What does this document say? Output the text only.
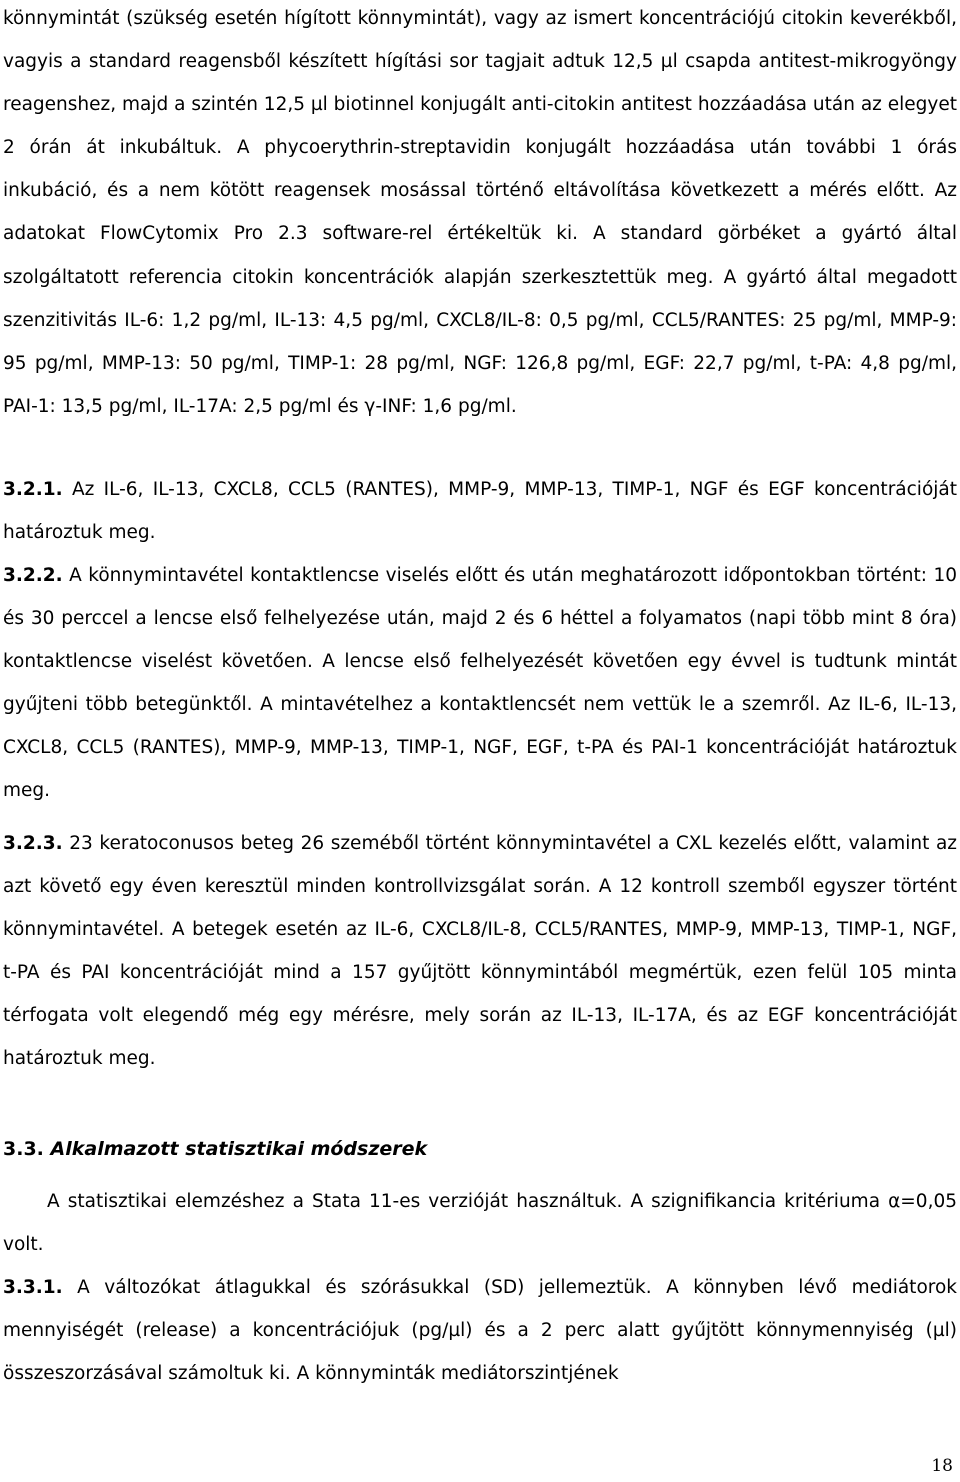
könnymintát (szükség esetén hígított könnymintát), vagy az ismert koncentrációjú citokin keverékből, vagyis a standard reagensből készített hígítási sor tagjait adtuk 12,5 µl csapda antitest-mikrogyöngy reagenshez, majd a szintén 12,5 µl biotinnel konjugált anti-citokin antitest hozzáadása után az elegyet 2 órán át inkubáltuk. A phycoerythrin-streptavidin konjugált hozzáadása után további 1 órás inkubáció, és a nem kötött reagensek mosással történő eltávolítása következett a mérés előtt. Az adatokat FlowCytomix Pro 2.3 software-rel értékeltük ki. A standard görbéket a gyártó által szolgáltatott referencia citokin koncentrációk alapján szerkesztettük meg. A gyártó által megadott szenzitivitás IL-6: 1,2 pg/ml, IL-13: 4,5 pg/ml, CXCL8/IL-8: 0,5 pg/ml, CCL5/RANTES: 25 pg/ml, MMP-9: 95 pg/ml, MMP-13: 50 pg/ml, TIMP-1: 28 pg/ml, NGF: 126,8 pg/ml, EGF: 22,7 pg/ml, t-PA: 4,8 pg/ml, PAI-1: 13,5 pg/ml, IL-17A: 2,5 pg/ml és γ-INF: 1,6 pg/ml.

3.2.1. Az IL-6, IL-13, CXCL8, CCL5 (RANTES), MMP-9, MMP-13, TIMP-1, NGF és EGF koncentrációját határoztuk meg.

3.2.2. A könnymintavétel kontaktlencse viselés előtt és után meghatározott időpontokban történt: 10 és 30 perccel a lencse első felhelyezése után, majd 2 és 6 héttel a folyamatos (napi több mint 8 óra) kontaktlencse viselést követően. A lencse első felhelyezését követően egy évvel is tudtunk mintát gyűjteni több betegünktől. A mintavételhez a kontaktlencsét nem vettük le a szemről. Az IL-6, IL-13, CXCL8, CCL5 (RANTES), MMP-9, MMP-13, TIMP-1, NGF, EGF, t-PA és PAI-1 koncentrációját határoztuk meg.

3.2.3. 23 keratoconusos beteg 26 szeméből történt könnymintavétel a CXL kezelés előtt, valamint az azt követő egy éven keresztül minden kontrollvizsgálat során. A 12 kontroll szemből egyszer történt könnymintavétel. A betegek esetén az IL-6, CXCL8/IL-8, CCL5/RANTES, MMP-9, MMP-13, TIMP-1, NGF, t-PA és PAI koncentrációját mind a 157 gyűjtött könnymintából megmértük, ezen felül 105 minta térfogata volt elegendő még egy mérésre, mely során az IL-13, IL-17A, és az EGF koncentrációját határoztuk meg.

3.3. Alkalmazott statisztikai módszerek

A statisztikai elemzéshez a Stata 11-es verzióját használtuk. A szignifikancia kritériuma α=0,05 volt.

3.3.1. A változókat átlagukkal és szórásukkal (SD) jellemeztük. A könnyben lévő mediátorok mennyiségét (release) a koncentrációjuk (pg/µl) és a 2 perc alatt gyűjtött könnymennyiség (µl) összeszorzásával számoltuk ki. A könnyminták mediátorszintjének

18
